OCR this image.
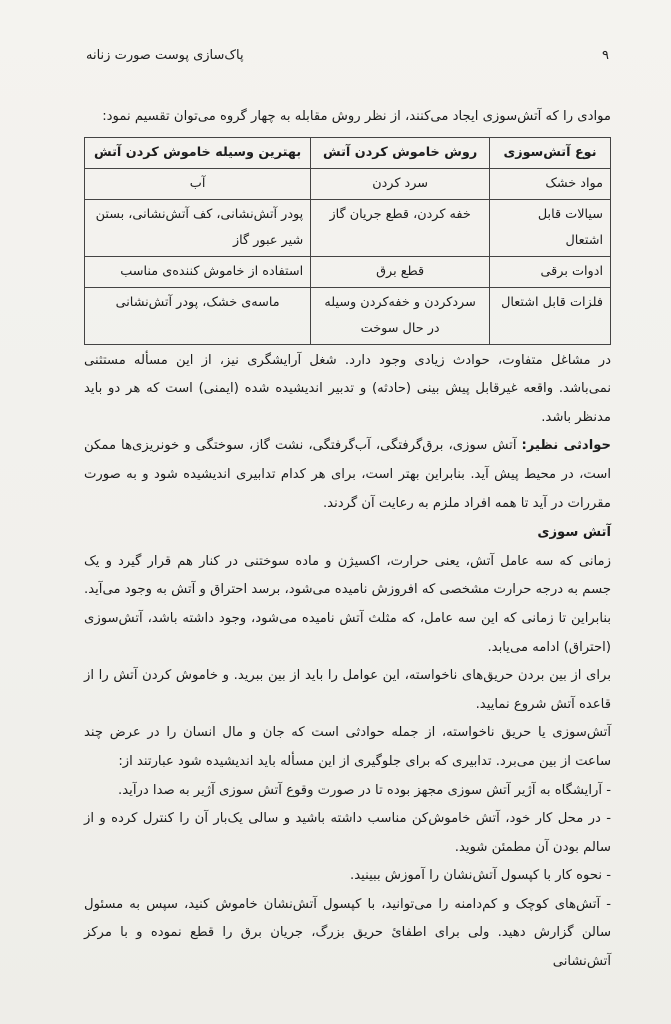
۹
پاک‌سازی پوست صورت زنانه

موادی را که آتش‌سوزی ایجاد می‌کنند، از نظر روش مقابله به چهار گروه می‌توان تقسیم نمود:

نوع آتش‌سوزی	روش خاموش کردن آتش	بهترین وسیله خاموش کردن آتش
مواد خشک	سرد کردن	آب
سیالات قابل اشتعال	خفه کردن، قطع جریان گاز	پودر آتش‌نشانی، کف آتش‌نشانی، بستن شیر عبور گاز
ادوات برقی	قطع برق	استفاده از خاموش کننده‌ی مناسب
فلزات قابل اشتعال	سردکردن و خفه‌کردن وسیله در حال سوخت	ماسه‌ی خشک، پودر آتش‌نشانی

در مشاغل متفاوت، حوادث زیادی وجود دارد. شغل آرایشگری نیز، از این مسأله مستثنی نمی‌باشد. واقعه غیرقابل پیش بینی (حادثه) و تدبیر اندیشیده شده (ایمنی) است که هر دو باید مدنظر باشد.

حوادثی نظیر: آتش سوزی، برق‌گرفتگی، آب‌گرفتگی، نشت گاز، سوختگی و خونریزی‌ها ممکن است، در محیط پیش آید. بنابراین بهتر است، برای هر کدام تدابیری اندیشیده شود و به صورت مقررات در آید تا همه افراد ملزم به رعایت آن گردند.

آتش سوزی

زمانی که سه عامل آتش، یعنی حرارت، اکسیژن و ماده سوختنی در کنار هم قرار گیرد و یک جسم به درجه حرارت مشخصی که افروزش نامیده می‌شود، برسد احتراق و آتش به وجود می‌آید. بنابراین تا زمانی که این سه عامل، که مثلث آتش نامیده می‌شود، وجود داشته باشد، آتش‌سوزی (احتراق) ادامه می‌یابد.

برای از بین بردن حریق‌های ناخواسته، این عوامل را باید از بین ببرید. و خاموش کردن آتش را از قاعده آتش شروع نمایید.

آتش‌سوزی یا حریق ناخواسته، از جمله حوادثی است که جان و مال انسان را در عرض چند ساعت از بین می‌برد. تدابیری که برای جلوگیری از این مسأله باید اندیشیده شود عبارتند از:

- آرایشگاه به آژیر آتش سوزی مجهز بوده تا در صورت وقوع آتش سوزی آژیر به صدا درآید.

- در محل کار خود، آتش خاموش‌کن مناسب داشته باشید و سالی یک‌بار آن را کنترل کرده و از سالم بودن آن مطمئن شوید.

- نحوه کار با کپسول آتش‌نشان را آموزش ببینید.

- آتش‌های کوچک و کم‌دامنه را می‌توانید، با کپسول آتش‌نشان خاموش کنید، سپس به مسئول سالن گزارش دهید. ولی برای اطفائ حریق بزرگ، جریان برق را قطع نموده و با مرکز آتش‌نشانی
